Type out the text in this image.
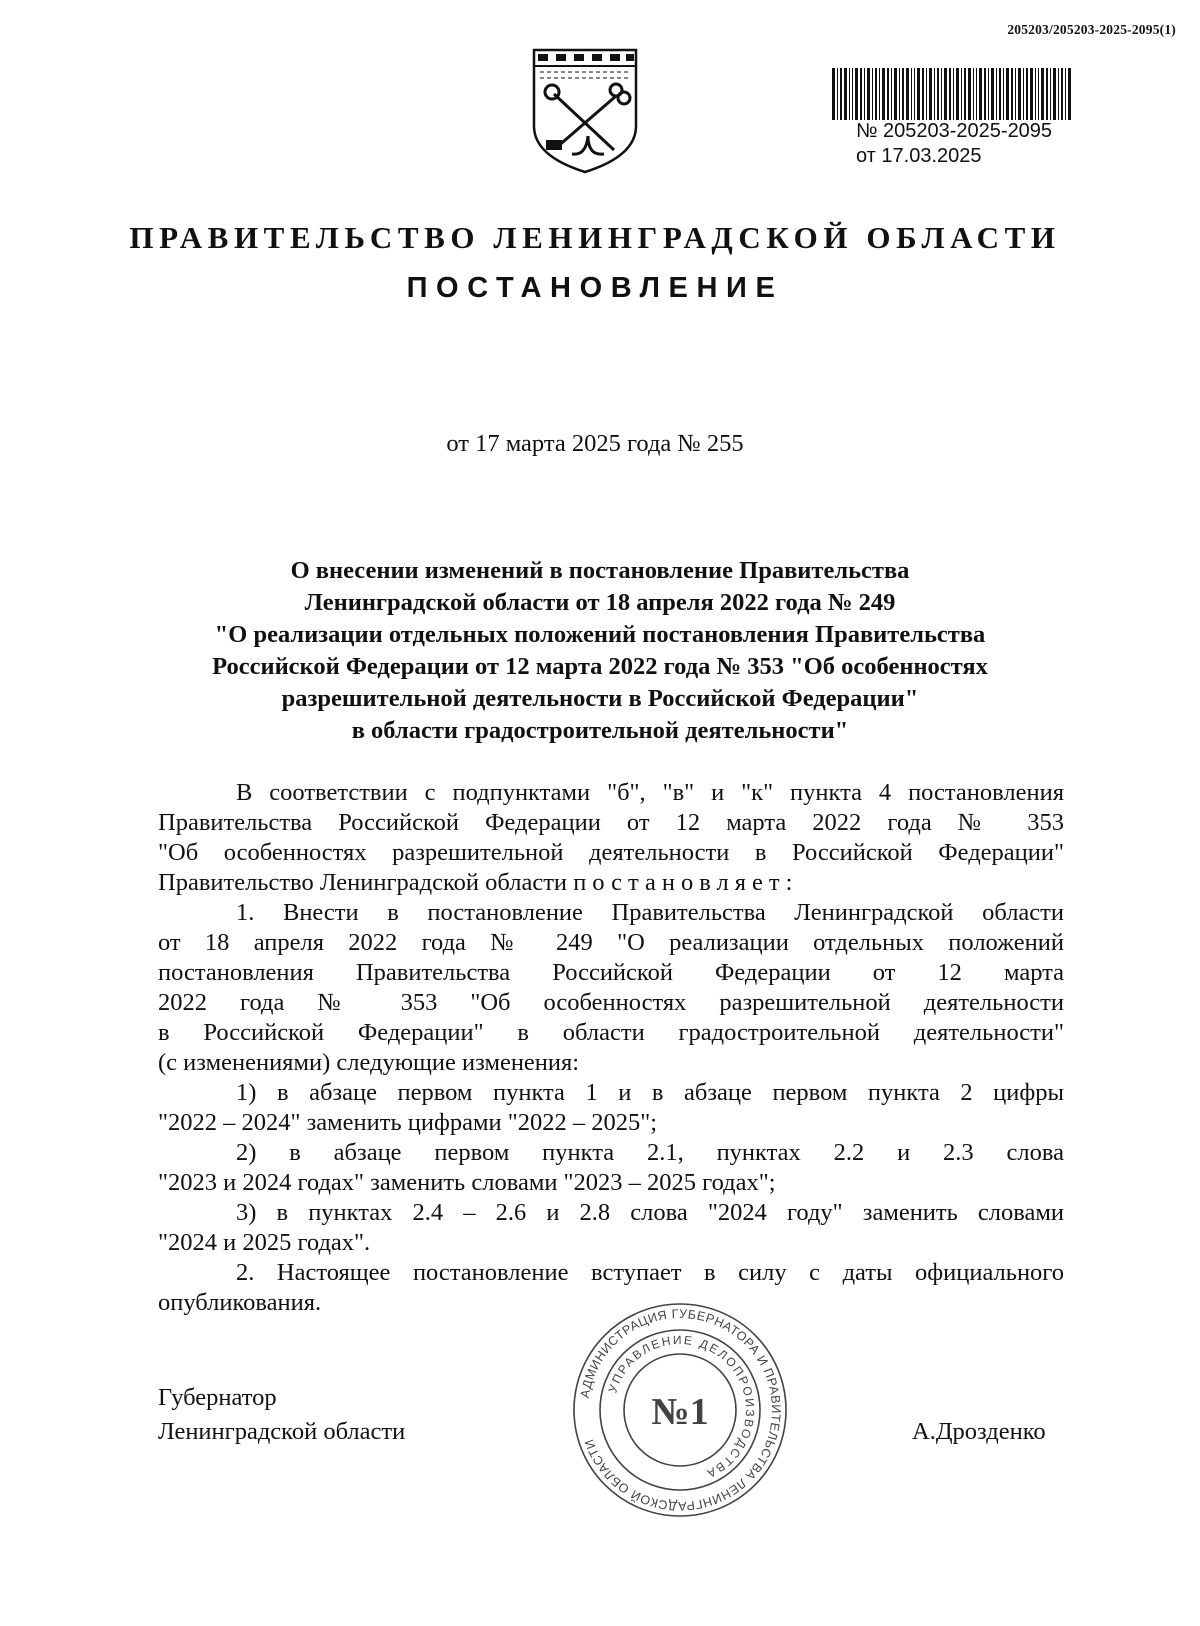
205203/205203-2025-2095(1)
№ 205203-2025-2095
от 17.03.2025
ПРАВИТЕЛЬСТВО ЛЕНИНГРАДСКОЙ ОБЛАСТИ
ПОСТАНОВЛЕНИЕ
от 17 марта 2025 года № 255
О внесении изменений в постановление Правительства
Ленинградской области от 18 апреля 2022 года № 249
"О реализации отдельных положений постановления Правительства
Российской Федерации от 12 марта 2022 года № 353 "Об особенностях
разрешительной деятельности в Российской Федерации"
в области градостроительной деятельности"
В соответствии с подпунктами "б", "в" и "к" пункта 4 постановления
Правительства Российской Федерации от 12 марта 2022 года № 353
"Об особенностях разрешительной деятельности в Российской Федерации"
Правительство Ленинградской области постановляет:
1. Внести в постановление Правительства Ленинградской области
от 18 апреля 2022 года № 249 "О реализации отдельных положений
постановления Правительства Российской Федерации от 12 марта
2022 года № 353 "Об особенностях разрешительной деятельности
в Российской Федерации" в области градостроительной деятельности"
(с изменениями) следующие изменения:
1) в абзаце первом пункта 1 и в абзаце первом пункта 2 цифры
"2022 – 2024" заменить цифрами "2022 – 2025";
2) в абзаце первом пункта 2.1, пунктах 2.2 и 2.3 слова
"2023 и 2024 годах" заменить словами "2023 – 2025 годах";
3) в пунктах 2.4 – 2.6 и 2.8 слова "2024 году" заменить словами
"2024 и 2025 годах".
2. Настоящее постановление вступает в силу с даты официального
опубликования.
АДМИНИСТРАЦИЯ ГУБЕРНАТОРА И ПРАВИТЕЛЬСТВА ЛЕНИНГРАДСКОЙ ОБЛАСТИ
УПРАВЛЕНИЕ ДЕЛОПРОИЗВОДСТВА
№1
Губернатор
Ленинградской области	А.Дрозденко
